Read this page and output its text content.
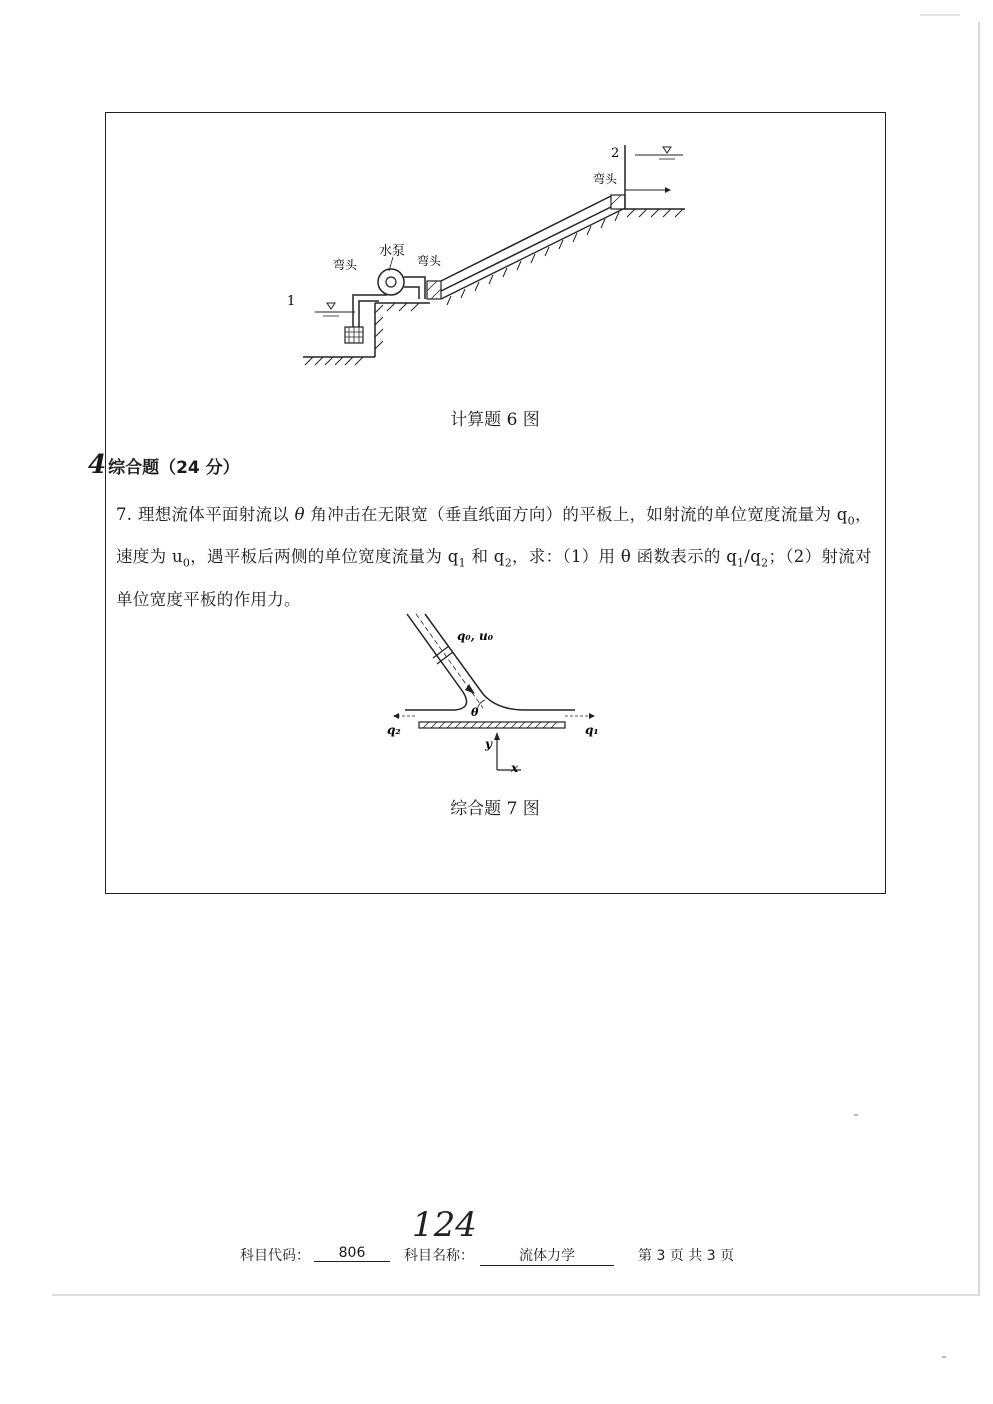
1
2
弯头
水泵
弯头
弯头
计算题 6 图
4 综合题（24 分）
7. 理想流体平面射流以 θ 角冲击在无限宽（垂直纸面方向）的平板上，如射流的单位宽度流量为 $q_0$，速度为 $u_0$，遇平板后两侧的单位宽度流量为 $q_1$ 和 $q_2$，求：（1）用 θ 函数表示的 $q_1/q_2$；（2）射流对单位宽度平板的作用力。
θ
q₀, u₀
q₂	q₁
y
x
综合题 7 图
124
科目代码：	806	科目名称：	流体力学	第 3 页 共 3 页
